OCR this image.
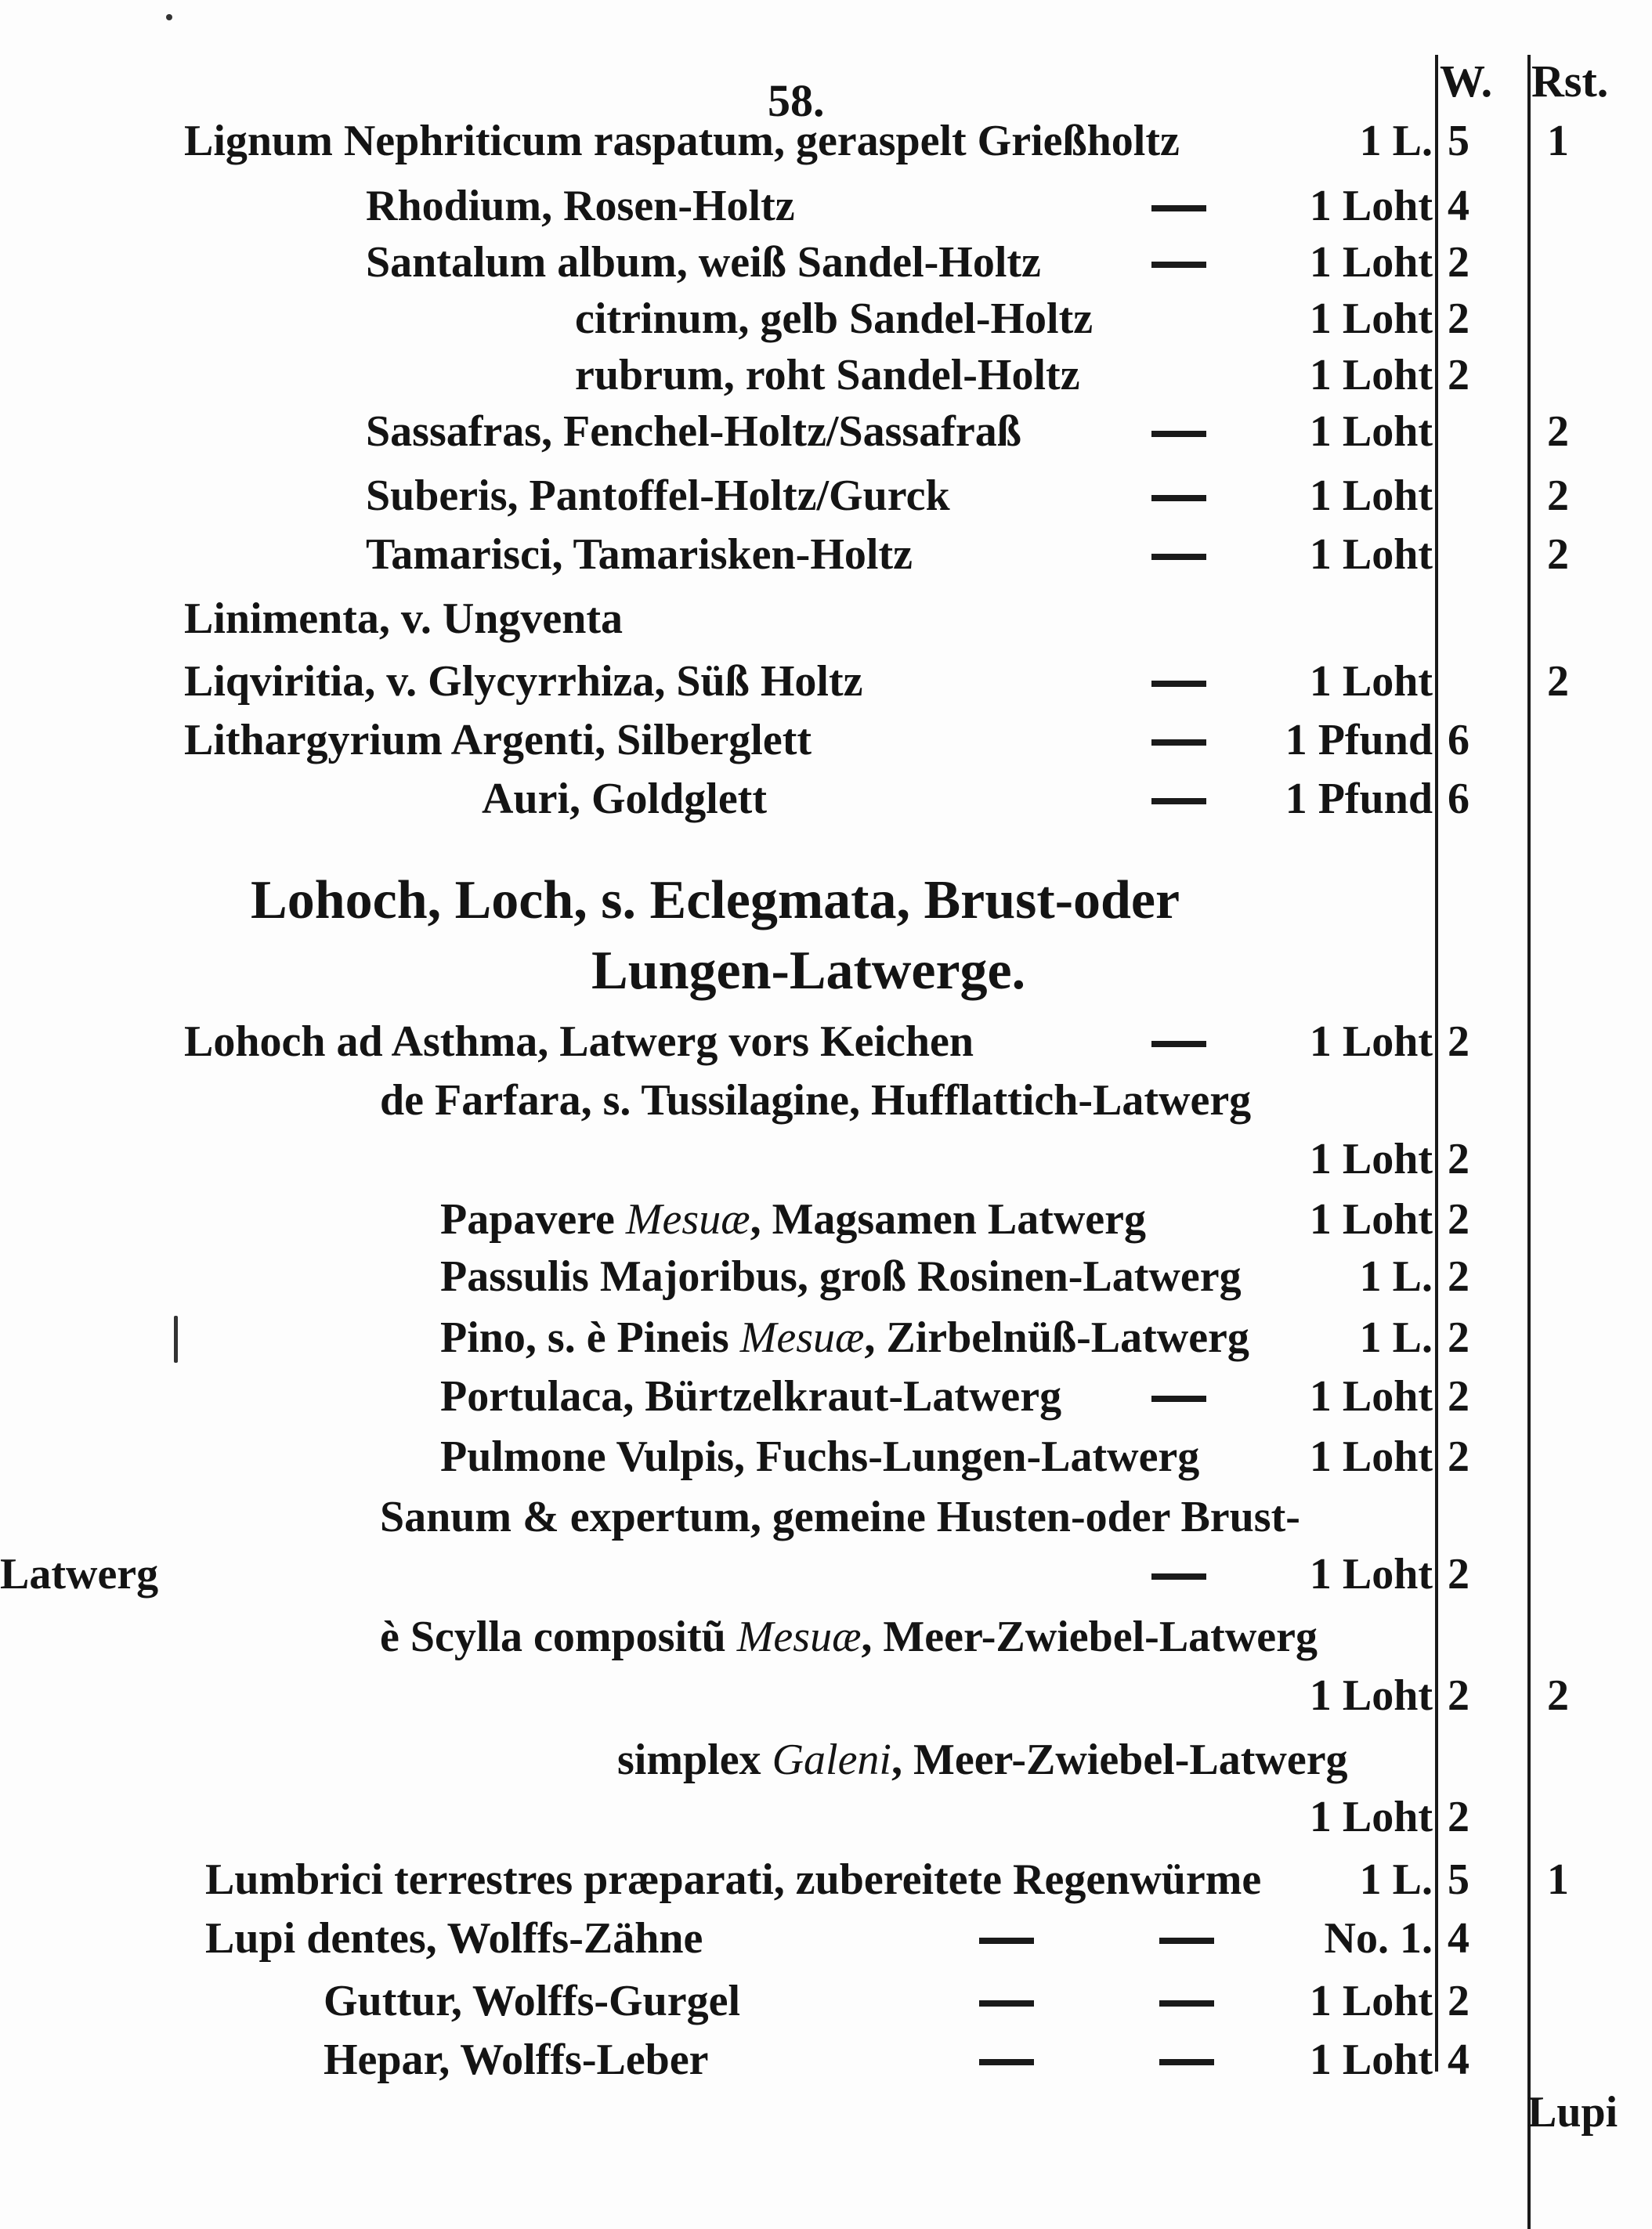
58.	W. Rst.
Lignum Nephriticum raspatum, geraspelt Grießholtz	1 L. 5 1
Rhodium, Rosen-Holtz	1 Loht 4
Santalum album, weiß Sandel-Holtz	1 Loht 2
citrinum, gelb Sandel-Holtz	1 Loht 2
rubrum, roht Sandel-Holtz	1 Loht 2
Sassafras, Fenchel-Holtz/Sassafraß	1 Loht	2
Suberis, Pantoffel-Holtz/Gurck	1 Loht	2
Tamarisci, Tamarisken-Holtz	1 Loht	2
Linimenta, v. Ungventa
Liqviritia, v. Glycyrrhiza, Süß Holtz	1 Loht	2
Lithargyrium Argenti, Silberglett	1 Pfund 6
Auri, Goldglett	1 Pfund 6
Lohoch ad Asthma, Latwerg vors Keichen	1 Loht 2
de Farfara, s. Tussilagine, Hufflattich-Latwerg
1 Loht 2
Papavere Mesuæ, Magsamen Latwerg	1 Loht 2
Passulis Majoribus, groß Rosinen-Latwerg	1 L. 2
Pino, s. è Pineis Mesuæ, Zirbelnüß-Latwerg	1 L. 2
Portulaca, Bürtzelkraut-Latwerg	1 Loht 2
Pulmone Vulpis, Fuchs-Lungen-Latwerg	1 Loht 2
Sanum & expertum, gemeine Husten-oder Brust-
Latwerg	1 Loht 2
è Scylla compositũ Mesuæ, Meer-Zwiebel-Latwerg
1 Loht 2 2
simplex Galeni, Meer-Zwiebel-Latwerg
1 Loht 2
Lumbrici terrestres præparati, zubereitete Regenwürme 1 L. 5 1
Lupi dentes, Wolffs-Zähne	No. 1. 4
Guttur, Wolffs-Gurgel	1 Loht 2
Hepar, Wolffs-Leber	1 Loht 4
Lohoch, Loch, s. Eclegmata, Brust-oder
Lungen-Latwerge.
Lupi
